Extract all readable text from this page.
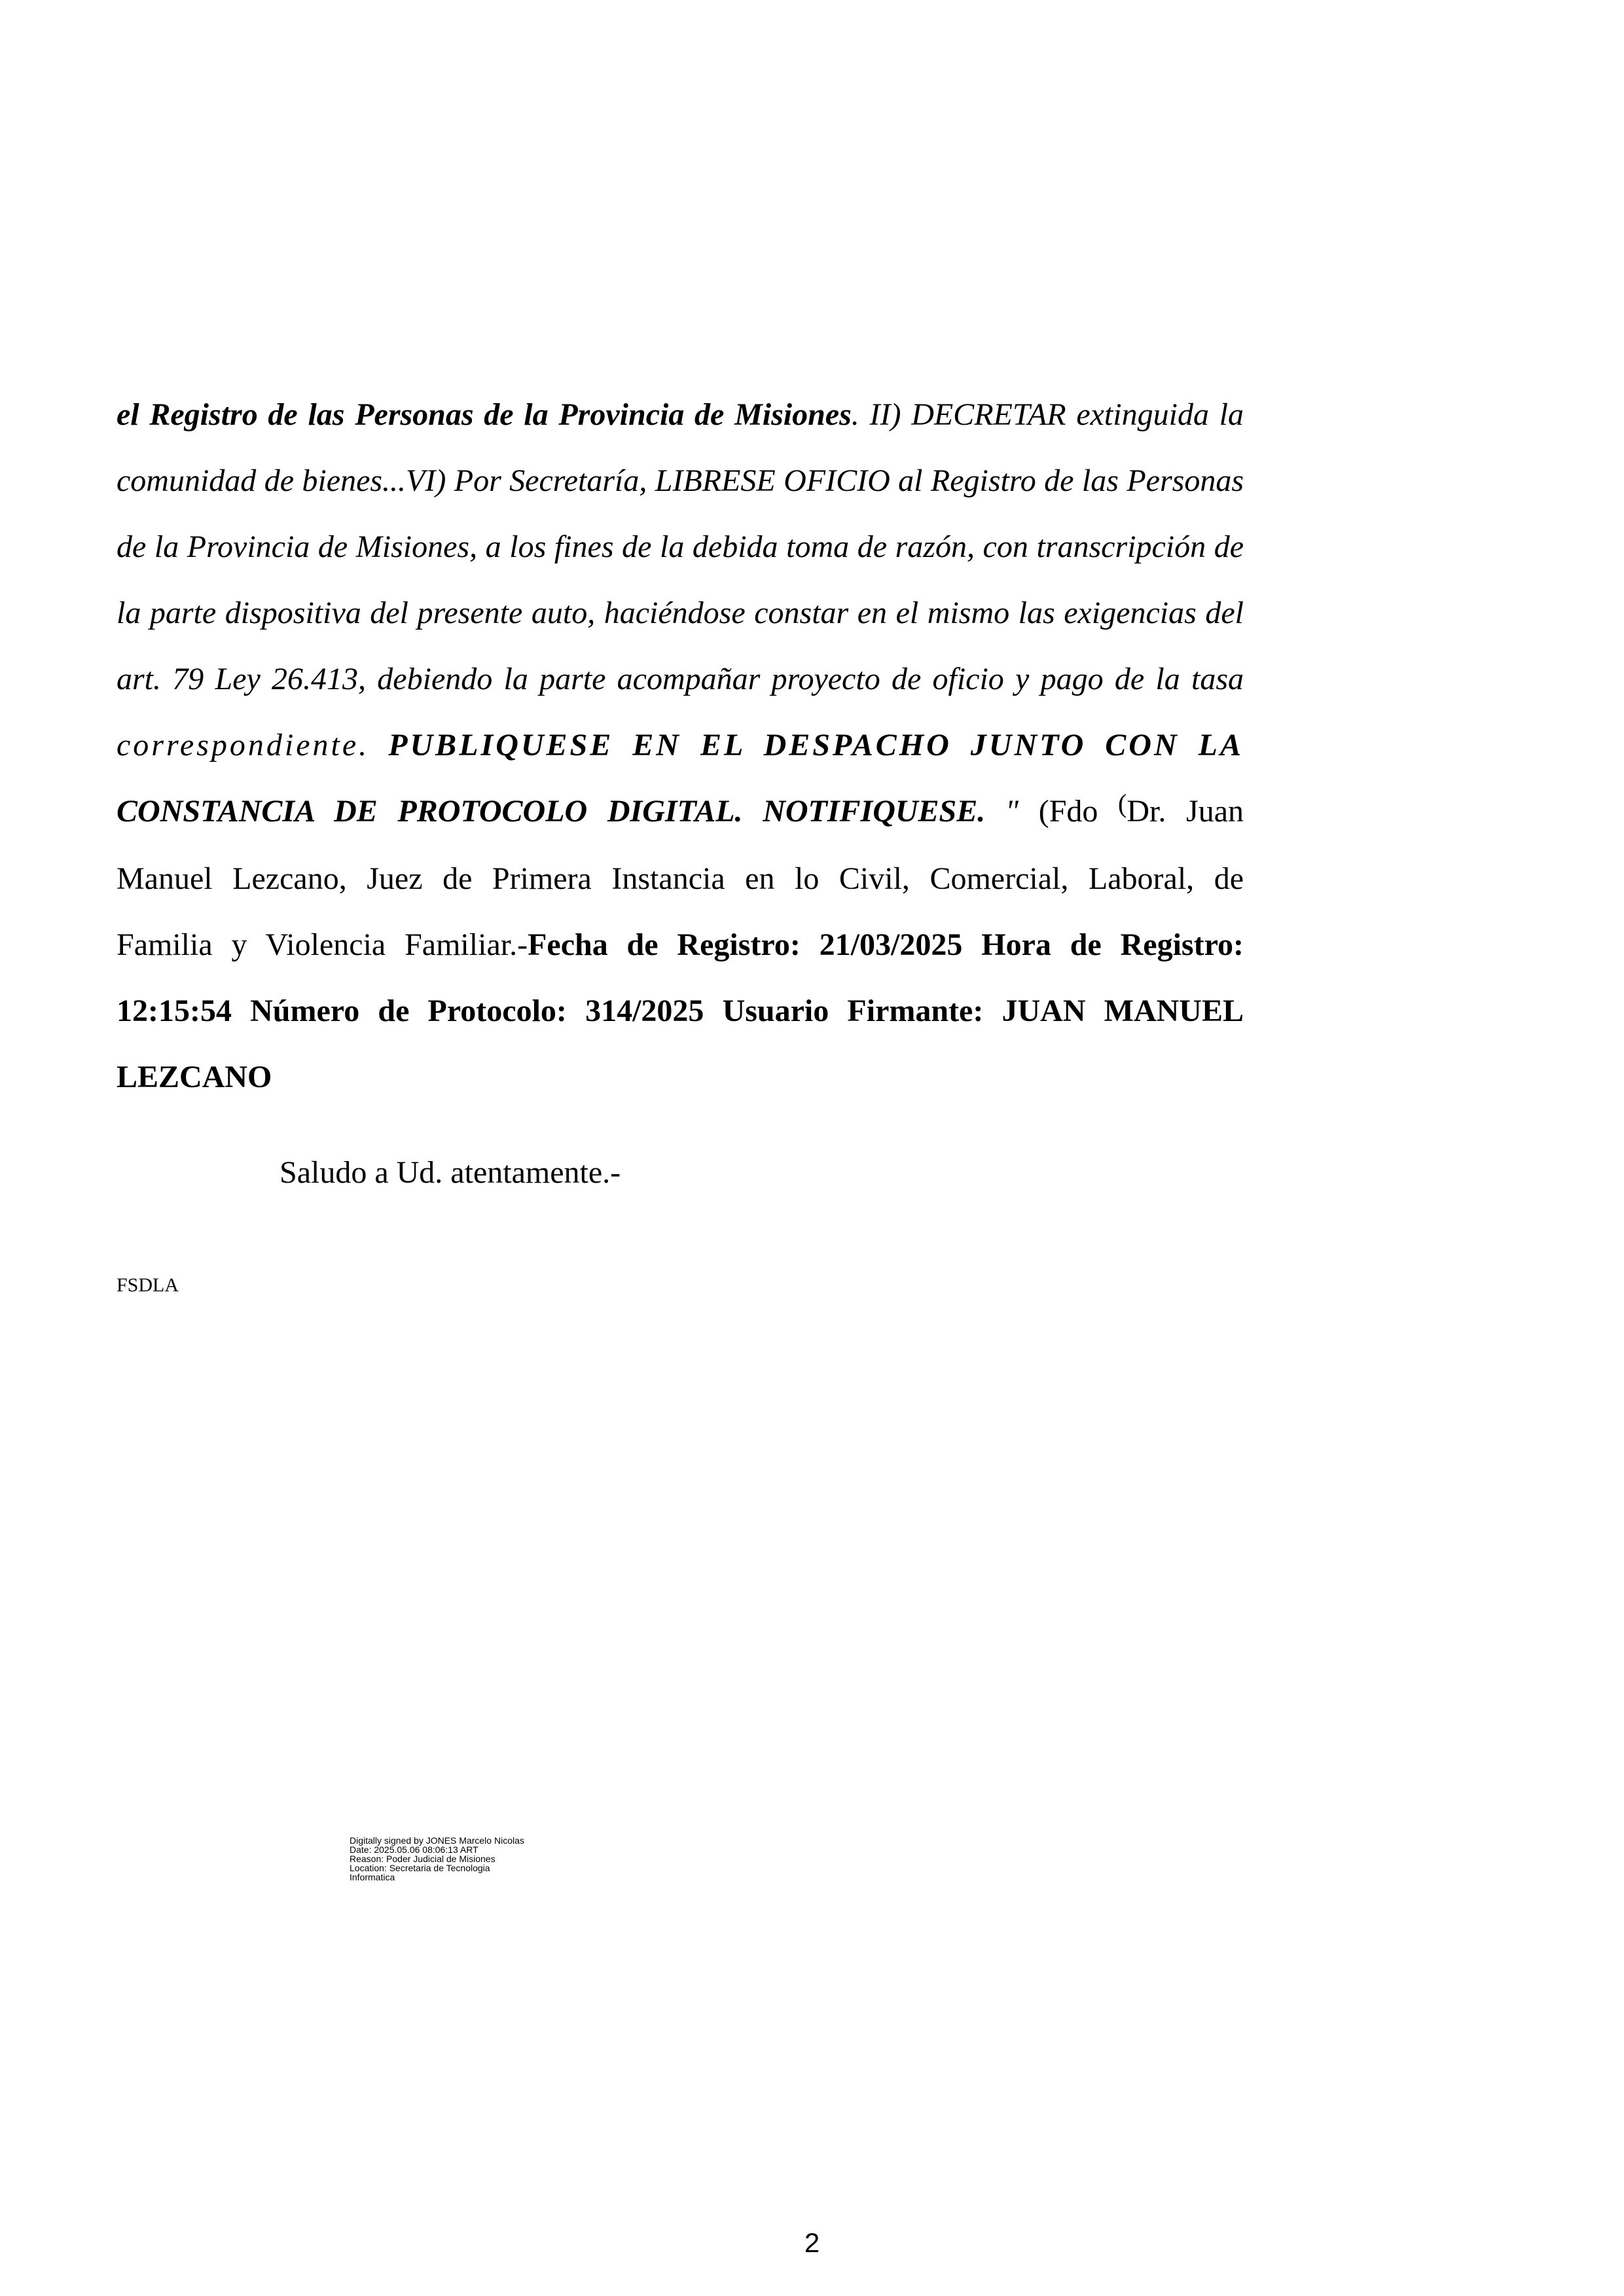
el Registro de las Personas de la Provincia de Misiones. II) DECRETAR extinguida la
comunidad de bienes...VI) Por Secretaría, LIBRESE OFICIO al Registro de las Personas
de la Provincia de Misiones, a los fines de la debida toma de razón, con transcripción de
la parte dispositiva del presente auto, haciéndose constar en el mismo las exigencias del
art. 79 Ley 26.413, debiendo la parte acompañar proyecto de oficio y pago de la tasa
correspondiente. PUBLIQUESE EN EL DESPACHO JUNTO CON LA
CONSTANCIA DE PROTOCOLO DIGITAL. NOTIFIQUESE. " (Fdo (Dr. Juan
Manuel Lezcano, Juez de Primera Instancia en lo Civil, Comercial, Laboral, de
Familia y Violencia Familiar.-Fecha de Registro: 21/03/2025 Hora de Registro:
12:15:54 Número de Protocolo: 314/2025 Usuario Firmante: JUAN MANUEL
LEZCANO

Saludo a Ud. atentamente.-

FSDLA

Digitally signed by JONES Marcelo Nicolas
Date: 2025.05.06 08:06:13 ART
Reason: Poder Judicial de Misiones
Location: Secretaria de Tecnologia
Informatica

2
